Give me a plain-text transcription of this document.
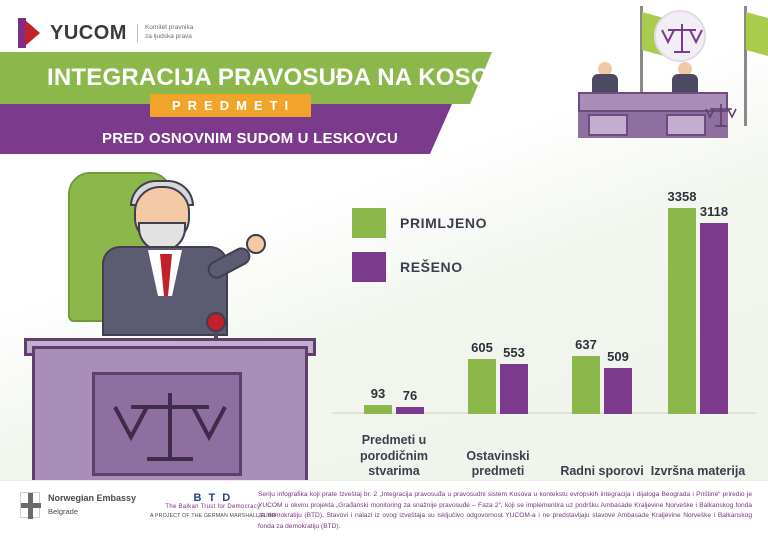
YUCOM	Komitet pravnika
za ljudska prava
INTEGRACIJA PRAVOSUĐA NA KOSOVU
PREDMETI
PRED OSNOVNIM SUDOM U LESKOVCU
PRIMLJENO
REŠENO
93 76
Predmeti u porodičnim stvarima
605 553
Ostavinski predmeti
637
509
Radni sporovi
3358
3118
Izvršna materija
Norwegian Embassy
Belgrade
B T D
The Balkan Trust for Democracy
A PROJECT OF THE GERMAN MARSHALL FUND
Seriju infografika koji prate Izveštaj br. 2 „Integracija pravosuđa u pravosudni sistem Kosova u kontekstu evropskih integracija i dijaloga Beograda i Prištine“ priredio je YUCOM u okviru projekta „Građanski monitoring za snažnije pravosuđe – Faza 2“, koji se implementira uz podršku Ambasade Kraljevine Norveške i Balkanskog fonda za demokratiju (BTD). Stavovi i nalazi iz ovog izveštaja su isključivo odgovornost YUCOM-a i ne predstavljaju stavove Ambasade Kraljevine Norveške i Balkanskog fonda za demokratiju (BTD).
